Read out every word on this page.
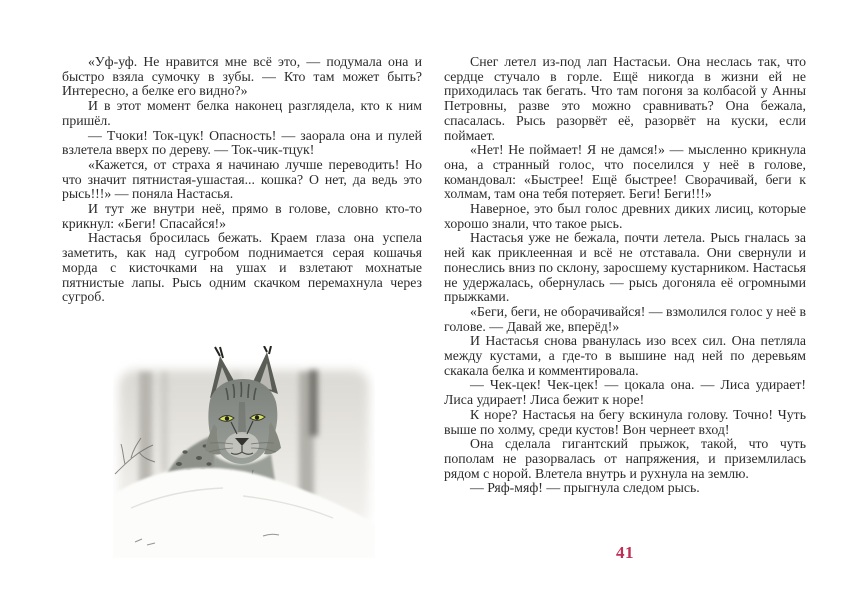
«Уф-уф. Не нравится мне всё это, — подумала она и быстро взяла сумочку в зубы. — Кто там может быть? Интересно, а белке его видно?»

И в этот момент белка наконец разглядела, кто к ним пришёл.

— Тчоки! Ток-цук! Опасность! — заорала она и пулей взлетела вверх по дереву. — Ток-чик-тцук!

«Кажется, от страха я начинаю лучше переводить! Но что значит пятнистая-ушастая... кошка? О нет, да ведь это рысь!!!» — поняла Настасья.

И тут же внутри неё, прямо в голове, словно кто-то крикнул: «Беги! Спасайся!»

Настасья бросилась бежать. Краем глаза она успела заметить, как над сугробом поднимается серая кошачья морда с кисточками на ушах и взлетают мохнатые пятнистые лапы. Рысь одним скачком перемахнула через сугроб.

Снег летел из-под лап Настасьи. Она неслась так, что сердце стучало в горле. Ещё никогда в жизни ей не приходилась так бегать. Что там погоня за колбасой у Анны Петровны, разве это можно сравнивать? Она бежала, спасалась. Рысь разорвёт её, разорвёт на куски, если поймает.

«Нет! Не поймает! Я не дамся!» — мысленно крикнула она, а странный голос, что поселился у неё в голове, командовал: «Быстрее! Ещё быстрее! Сворачивай, беги к холмам, там она тебя потеряет. Беги! Беги!!!»

Наверное, это был голос древних диких лисиц, которые хорошо знали, что такое рысь.

Настасья уже не бежала, почти летела. Рысь гналась за ней как приклеенная и всё не отставала. Они свернули и понеслись вниз по склону, заросшему кустарником. Настасья не удержалась, обернулась — рысь догоняла её огромными прыжками.

«Беги, беги, не оборачивайся! — взмолился голос у неё в голове. — Давай же, вперёд!»

И Настасья снова рванулась изо всех сил. Она петляла между кустами, а где-то в вышине над ней по деревьям скакала белка и комментировала.

— Чек-цек! Чек-цек! — цокала она. — Лиса удирает! Лиса удирает! Лиса бежит к норе!

К норе? Настасья на бегу вскинула голову. Точно! Чуть выше по холму, среди кустов! Вон чернеет вход!

Она сделала гигантский прыжок, такой, что чуть пополам не разорвалась от напряжения, и приземлилась рядом с норой. Влетела внутрь и рухнула на землю.

— Ряф-мяф! — прыгнула следом рысь.

41
